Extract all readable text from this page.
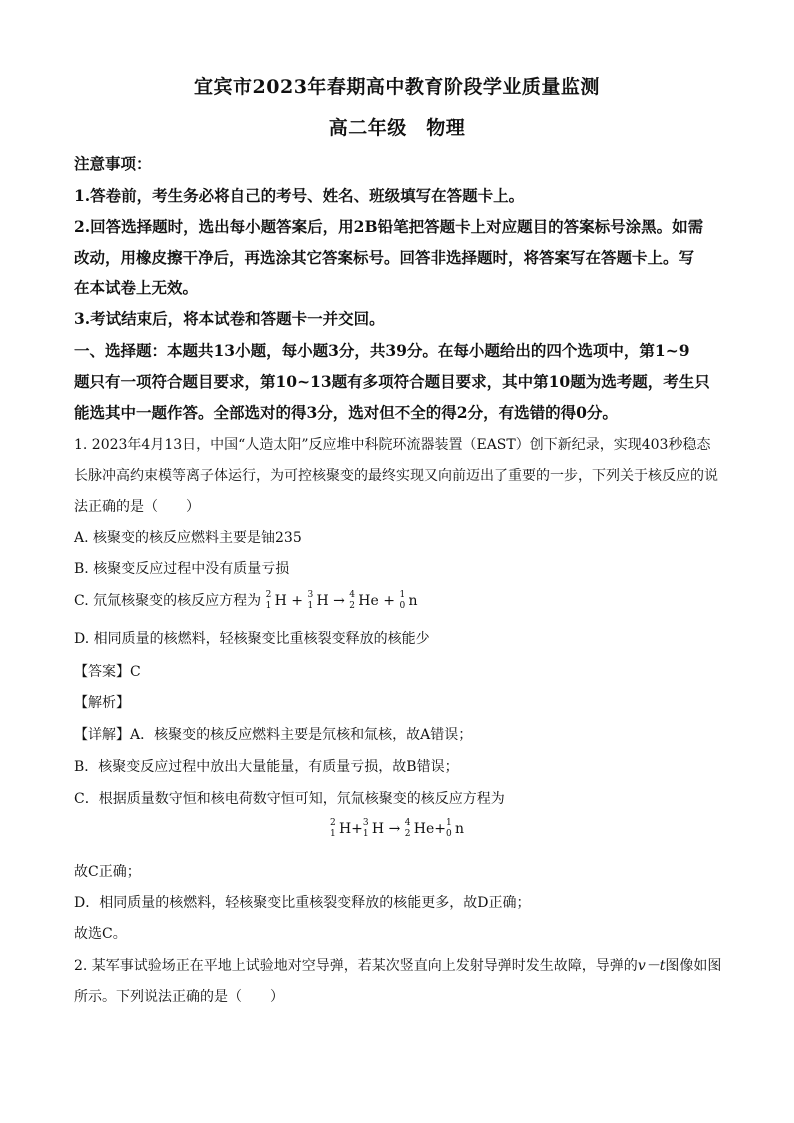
宜宾市2023年春期高中教育阶段学业质量监测
高二年级　物理
注意事项：
1.答卷前，考生务必将自己的考号、姓名、班级填写在答题卡上。
2.回答选择题时，选出每小题答案后，用2B铅笔把答题卡上对应题目的答案标号涂黑。如需
改动，用橡皮擦干净后，再选涂其它答案标号。回答非选择题时，将答案写在答题卡上。写
在本试卷上无效。
3.考试结束后，将本试卷和答题卡一并交回。
一、选择题：本题共13小题，每小题3分，共39分。在每小题给出的四个选项中，第1~9
题只有一项符合题目要求，第10~13题有多项符合题目要求，其中第10题为选考题，考生只
能选其中一题作答。全部选对的得3分，选对但不全的得2分，有选错的得0分。
1. 2023年4月13日，中国“人造太阳”反应堆中科院环流器装置（EAST）创下新纪录，实现403秒稳态
长脉冲高约束模等离子体运行，为可控核聚变的最终实现又向前迈出了重要的一步，下列关于核反应的说
法正确的是（　　）
A. 核聚变的核反应燃料主要是铀235
B. 核聚变反应过程中没有质量亏损
C. 氘氚核聚变的核反应方程为 2
1 H + 3
1 H → 4
2 He + 1
0 n
D. 相同质量的核燃料，轻核聚变比重核裂变释放的核能少
【答案】C
【解析】
【详解】A．核聚变的核反应燃料主要是氘核和氚核，故A错误；
B．核聚变反应过程中放出大量能量，有质量亏损，故B错误；
C．根据质量数守恒和核电荷数守恒可知，氘氚核聚变的核反应方程为
2
1 H+ 3
1 H → 4
2 He+ 1
0 n
故C正确；
D．相同质量的核燃料，轻核聚变比重核裂变释放的核能更多，故D正确；
故选C。
2. 某军事试验场正在平地上试验地对空导弹，若某次竖直向上发射导弹时发生故障，导弹的v－t图像如图
所示。下列说法正确的是（　　）
